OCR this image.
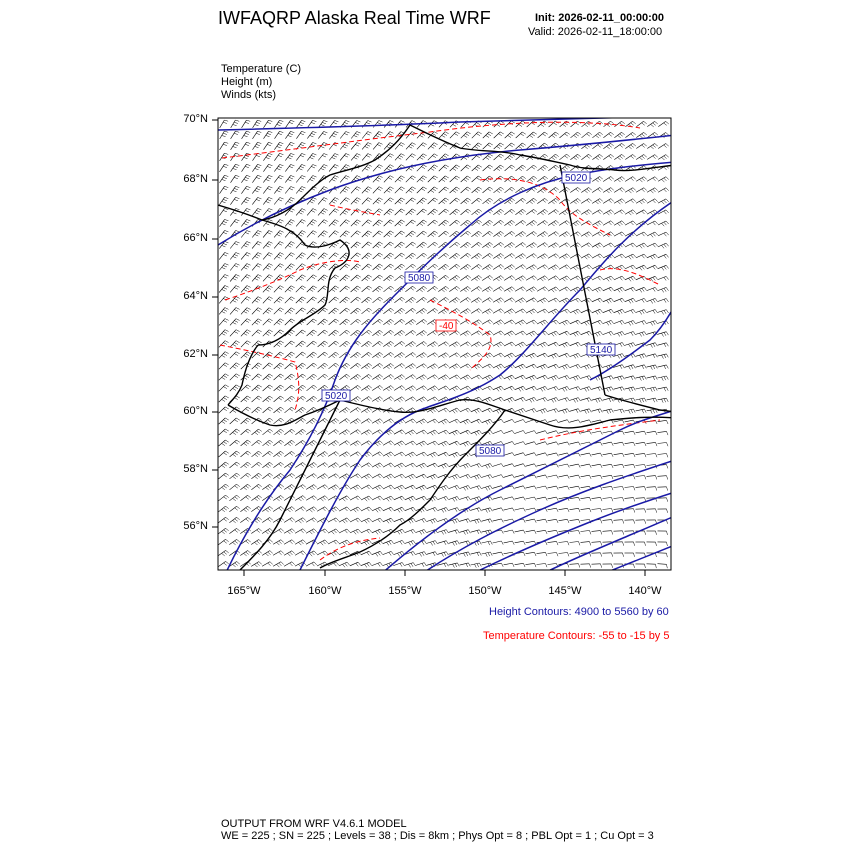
5020
5020
5080
5080
5140
-40
IWFAQRP Alaska Real Time WRF	Init: 2026-02-11_00:00:00
Valid: 2026-02-11_18:00:00
Temperature (C)
Height (m)
Winds (kts)
70°N
68°N
66°N
64°N
62°N
60°N
58°N
56°N
165°W	160°W	155°W	150°W	145°W	140°W
Height Contours: 4900 to 5560 by 60
Temperature Contours: -55 to -15 by 5
OUTPUT FROM WRF V4.6.1 MODEL
WE = 225 ; SN = 225 ; Levels = 38 ; Dis = 8km ; Phys Opt = 8 ; PBL Opt = 1 ; Cu Opt = 3
